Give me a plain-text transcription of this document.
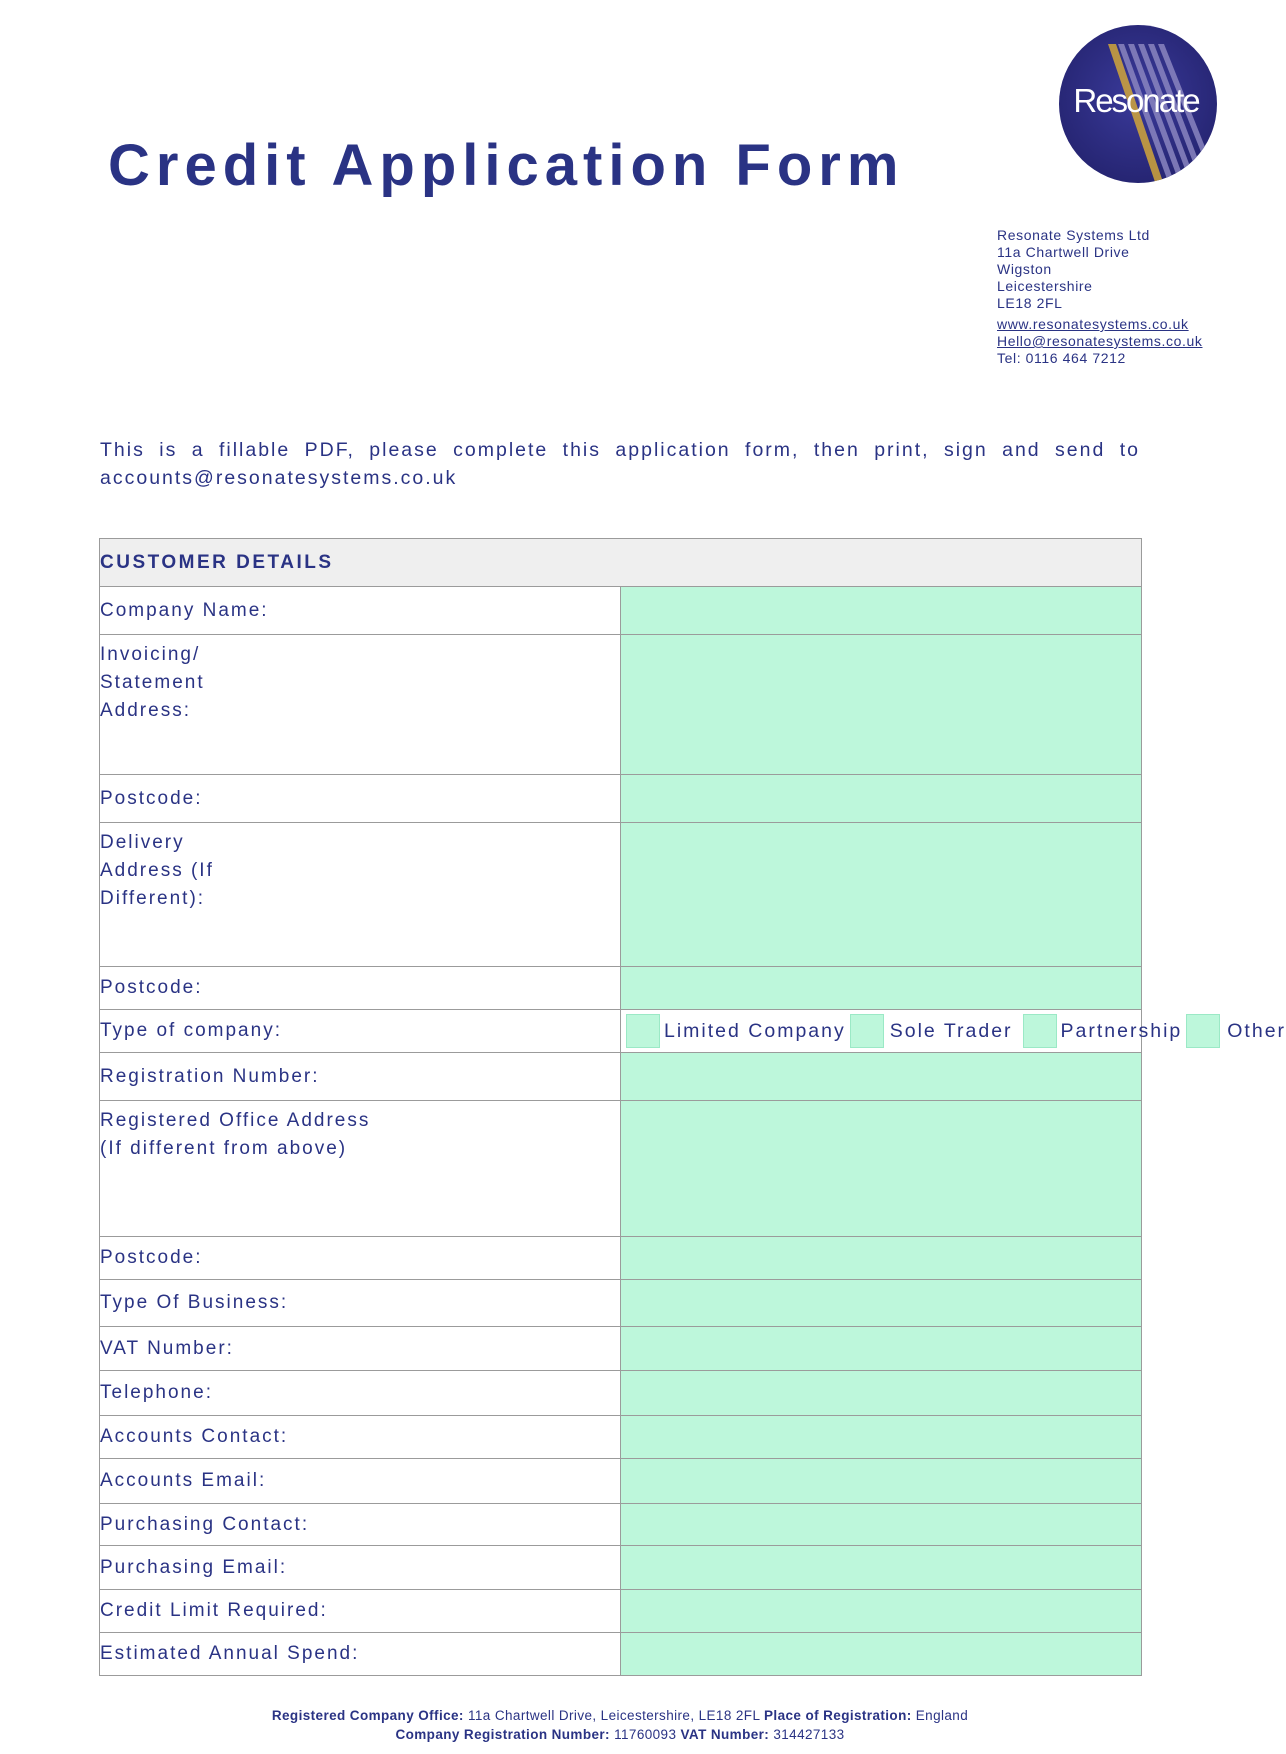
Credit Application Form
Resonate
Resonate Systems Ltd
11a Chartwell Drive
Wigston
Leicestershire
LE18 2FL
www.resonatesystems.co.uk
Hello@resonatesystems.co.uk
Tel: 0116 464 7212

This is a fillable PDF, please complete this application form, then print, sign and send to accounts@resonatesystems.co.uk

CUSTOMER DETAILS	
Company Name:	
Invoicing/
Statement
Address:	
Postcode:	
Delivery
Address (If
Different):	
Postcode:	
Type of company:	Limited Company Sole Trader Partnership Other

Registration Number:	
Registered Office Address
(If different from above)	
Postcode:	
Type Of Business:	
VAT Number:	
Telephone:	
Accounts Contact:	
Accounts Email:	
Purchasing Contact:	
Purchasing Email:	
Credit Limit Required:	
Estimated Annual Spend:	
Registered Company Office: 11a Chartwell Drive, Leicestershire, LE18 2FL Place of Registration: England
Company Registration Number: 11760093 VAT Number: 314427133
